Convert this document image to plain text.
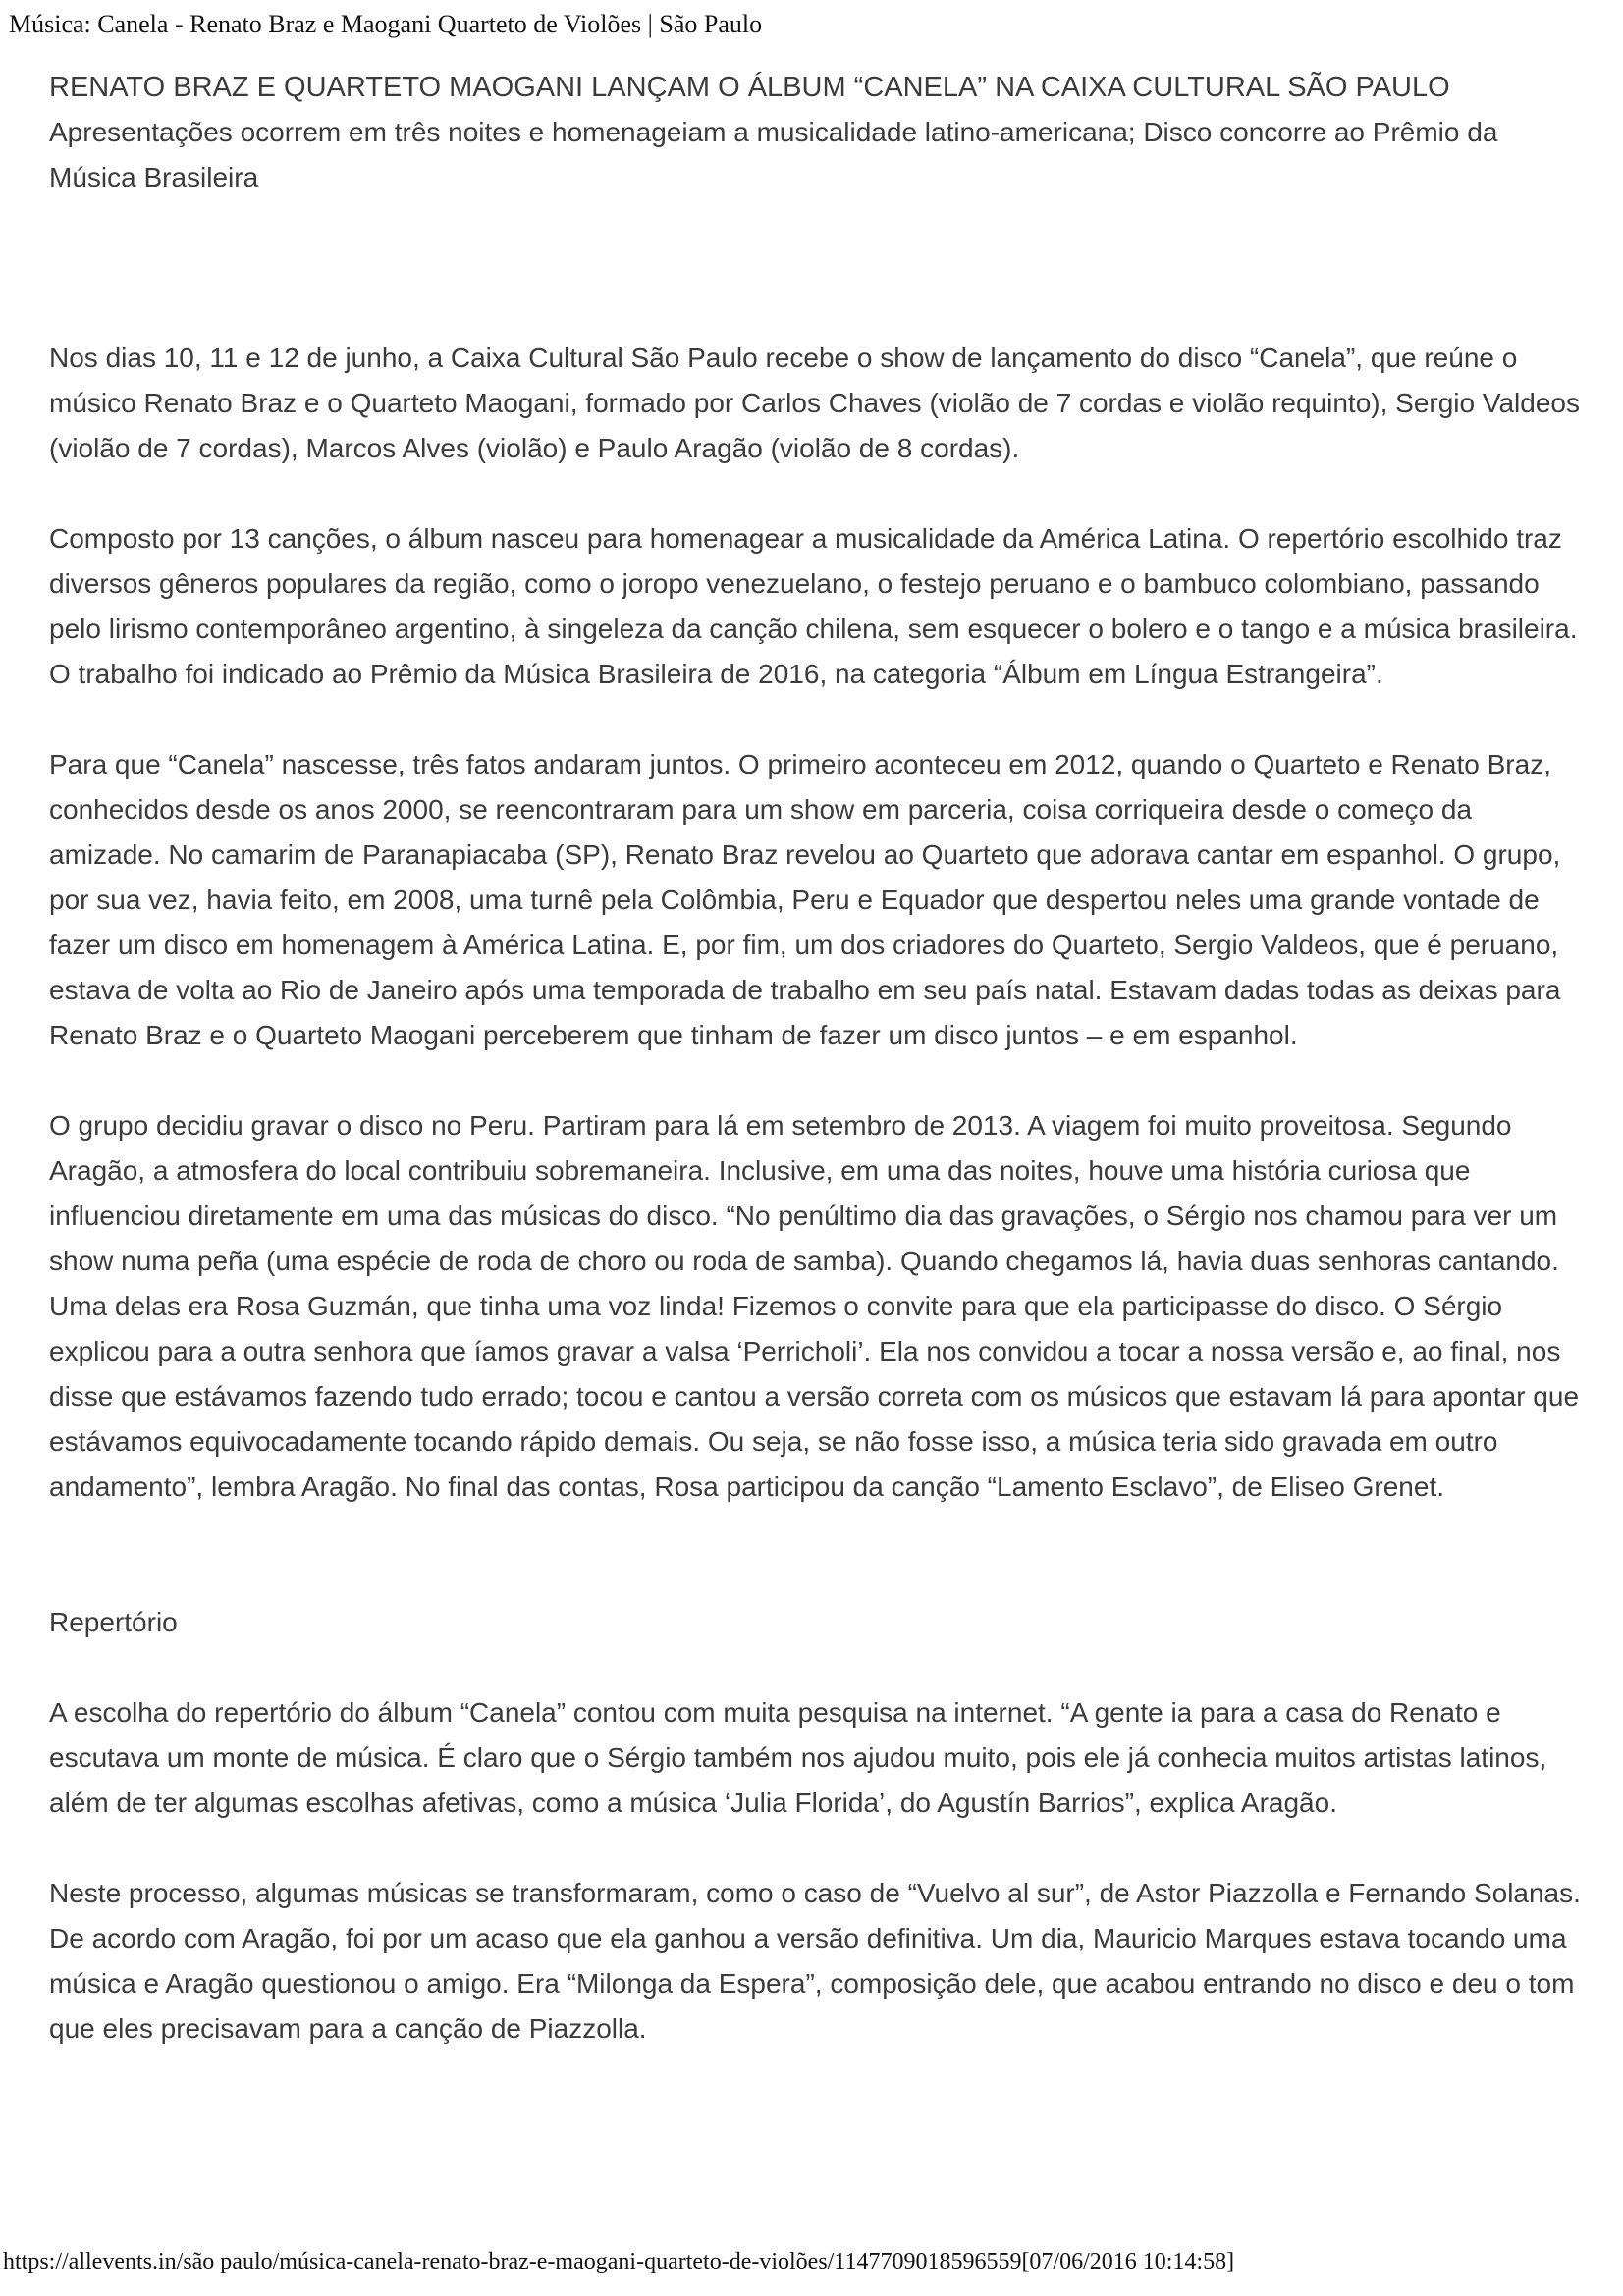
Música: Canela - Renato Braz e Maogani Quarteto de Violões | São Paulo

RENATO BRAZ E QUARTETO MAOGANI LANÇAM O ÁLBUM “CANELA” NA CAIXA CULTURAL SÃO PAULO

Apresentações ocorrem em três noites e homenageiam a musicalidade latino-americana; Disco concorre ao Prêmio da Música Brasileira

Nos dias 10, 11 e 12 de junho, a Caixa Cultural São Paulo recebe o show de lançamento do disco “Canela”, que reúne o músico Renato Braz e o Quarteto Maogani, formado por Carlos Chaves (violão de 7 cordas e violão requinto), Sergio Valdeos (violão de 7 cordas), Marcos Alves (violão) e Paulo Aragão (violão de 8 cordas).

Composto por 13 canções, o álbum nasceu para homenagear a musicalidade da América Latina. O repertório escolhido traz diversos gêneros populares da região, como o joropo venezuelano, o festejo peruano e o bambuco colombiano, passando pelo lirismo contemporâneo argentino, à singeleza da canção chilena, sem esquecer o bolero e o tango e a música brasileira. O trabalho foi indicado ao Prêmio da Música Brasileira de 2016, na categoria “Álbum em Língua Estrangeira”.

Para que “Canela” nascesse, três fatos andaram juntos. O primeiro aconteceu em 2012, quando o Quarteto e Renato Braz, conhecidos desde os anos 2000, se reencontraram para um show em parceria, coisa corriqueira desde o começo da amizade. No camarim de Paranapiacaba (SP), Renato Braz revelou ao Quarteto que adorava cantar em espanhol. O grupo, por sua vez, havia feito, em 2008, uma turnê pela Colômbia, Peru e Equador que despertou neles uma grande vontade de fazer um disco em homenagem à América Latina. E, por fim, um dos criadores do Quarteto, Sergio Valdeos, que é peruano, estava de volta ao Rio de Janeiro após uma temporada de trabalho em seu país natal. Estavam dadas todas as deixas para Renato Braz e o Quarteto Maogani perceberem que tinham de fazer um disco juntos – e em espanhol.

O grupo decidiu gravar o disco no Peru. Partiram para lá em setembro de 2013. A viagem foi muito proveitosa. Segundo Aragão, a atmosfera do local contribuiu sobremaneira. Inclusive, em uma das noites, houve uma história curiosa que influenciou diretamente em uma das músicas do disco. “No penúltimo dia das gravações, o Sérgio nos chamou para ver um show numa peña (uma espécie de roda de choro ou roda de samba). Quando chegamos lá, havia duas senhoras cantando. Uma delas era Rosa Guzmán, que tinha uma voz linda! Fizemos o convite para que ela participasse do disco. O Sérgio explicou para a outra senhora que íamos gravar a valsa ‘Perricholi’. Ela nos convidou a tocar a nossa versão e, ao final, nos disse que estávamos fazendo tudo errado; tocou e cantou a versão correta com os músicos que estavam lá para apontar que estávamos equivocadamente tocando rápido demais. Ou seja, se não fosse isso, a música teria sido gravada em outro andamento”, lembra Aragão. No final das contas, Rosa participou da canção “Lamento Esclavo”, de Eliseo Grenet.

Repertório

A escolha do repertório do álbum “Canela” contou com muita pesquisa na internet. “A gente ia para a casa do Renato e escutava um monte de música. É claro que o Sérgio também nos ajudou muito, pois ele já conhecia muitos artistas latinos, além de ter algumas escolhas afetivas, como a música ‘Julia Florida’, do Agustín Barrios”, explica Aragão.

Neste processo, algumas músicas se transformaram, como o caso de “Vuelvo al sur”, de Astor Piazzolla e Fernando Solanas. De acordo com Aragão, foi por um acaso que ela ganhou a versão definitiva. Um dia, Mauricio Marques estava tocando uma música e Aragão questionou o amigo. Era “Milonga da Espera”, composição dele, que acabou entrando no disco e deu o tom que eles precisavam para a canção de Piazzolla.

https://allevents.in/são paulo/música-canela-renato-braz-e-maogani-quarteto-de-violões/1147709018596559[07/06/2016 10:14:58]
